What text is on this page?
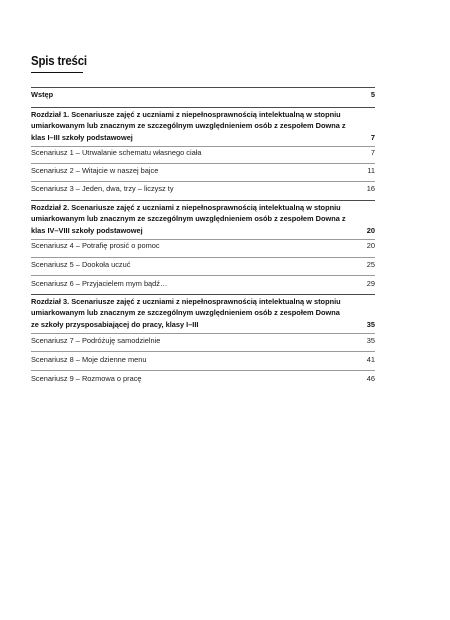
Spis treści
Wstęp	5
Rozdział 1. Scenariusze zajęć z uczniami z niepełnosprawnością intelektualną w stopniu umiarkowanym lub znacznym ze szczególnym uwzględnieniem osób z zespołem Downa z klas I–III szkoły podstawowej	7
Scenariusz 1 – Utrwalanie schematu własnego ciała	7
Scenariusz 2 – Witajcie w naszej bajce	11
Scenariusz 3 – Jeden, dwa, trzy – liczysz ty	16
Rozdział 2. Scenariusze zajęć z uczniami z niepełnosprawnością intelektualną w stopniu umiarkowanym lub znacznym ze szczególnym uwzględnieniem osób z zespołem Downa z klas IV–VIII szkoły podstawowej	20
Scenariusz 4 – Potrafię prosić o pomoc	20
Scenariusz 5 – Dookoła uczuć	25
Scenariusz 6 – Przyjacielem mym bądź…	29
Rozdział 3. Scenariusze zajęć z uczniami z niepełnosprawnością intelektualną w stopniu umiarkowanym lub znacznym ze szczególnym uwzględnieniem osób z zespołem Downa ze szkoły przysposabiającej do pracy, klasy I–III	35
Scenariusz 7 – Podróżuję samodzielnie	35
Scenariusz 8 – Moje dzienne menu	41
Scenariusz 9 – Rozmowa o pracę	46
